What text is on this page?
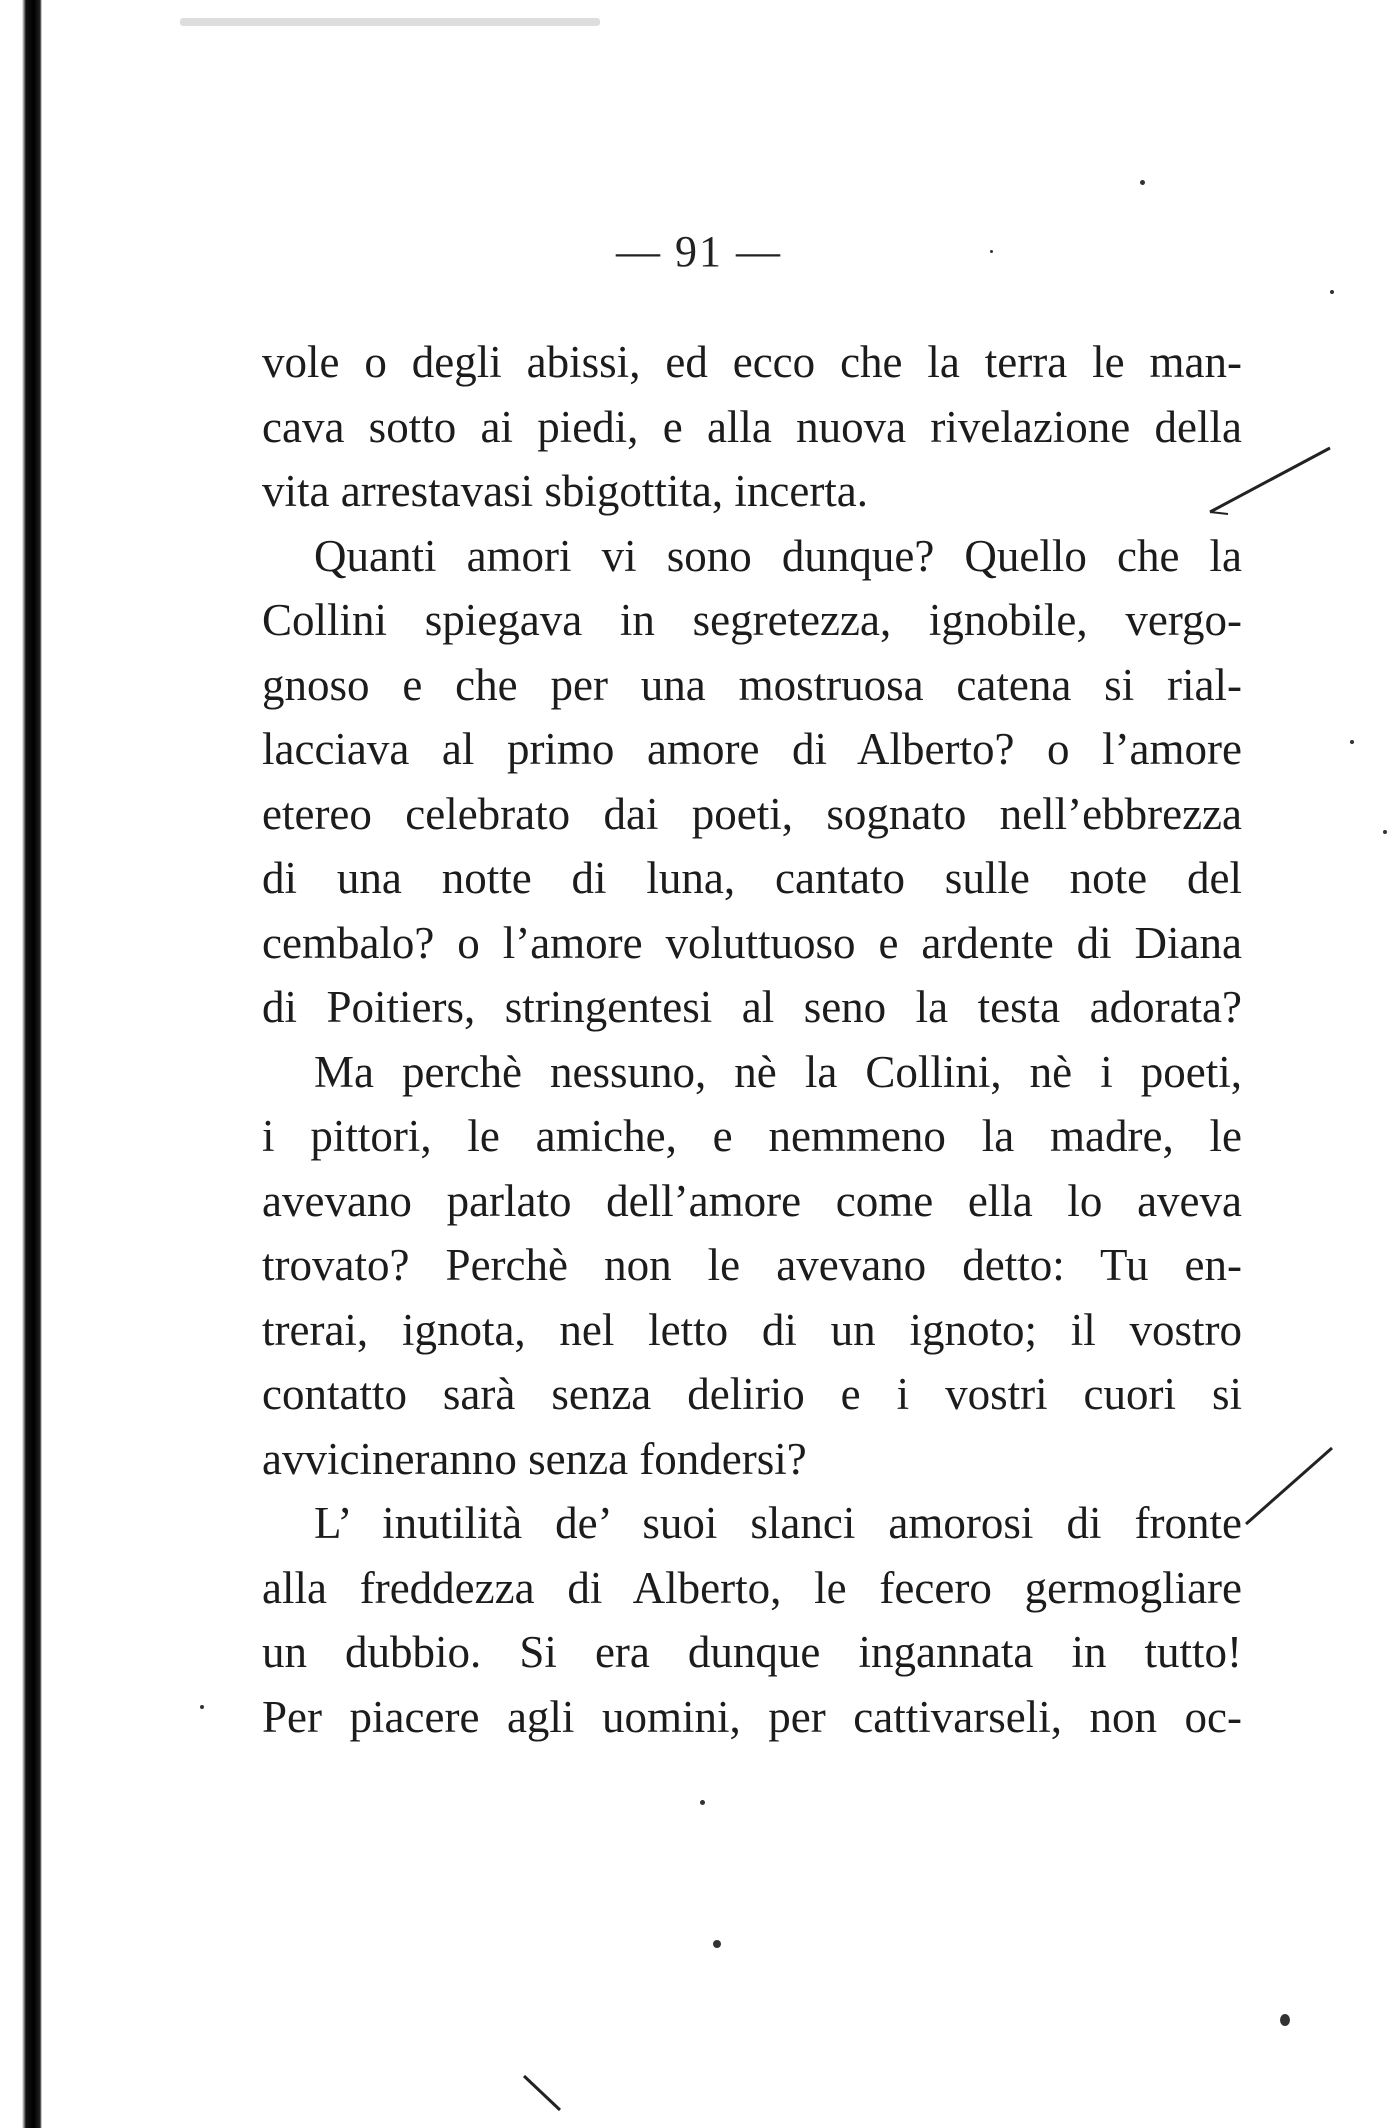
— 91 —
vole o degli abissi, ed ecco che la terra le man-
cava sotto ai piedi, e alla nuova rivelazione della
vita arrestavasi sbigottita, incerta.
Quanti amori vi sono dunque? Quello che la
Collini spiegava in segretezza, ignobile, vergo-
gnoso e che per una mostruosa catena si rial-
lacciava al primo amore di Alberto? o l’amore
etereo celebrato dai poeti, sognato nell’ebbrezza
di una notte di luna, cantato sulle note del
cembalo? o l’amore voluttuoso e ardente di Diana
di Poitiers, stringentesi al seno la testa adorata?
Ma perchè nessuno, nè la Collini, nè i poeti,
i pittori, le amiche, e nemmeno la madre, le
avevano parlato dell’amore come ella lo aveva
trovato? Perchè non le avevano detto: Tu en-
trerai, ignota, nel letto di un ignoto; il vostro
contatto sarà senza delirio e i vostri cuori si
avvicineranno senza fondersi?
L’ inutilità de’ suoi slanci amorosi di fronte
alla freddezza di Alberto, le fecero germogliare
un dubbio. Si era dunque ingannata in tutto!
Per piacere agli uomini, per cattivarseli, non oc-
